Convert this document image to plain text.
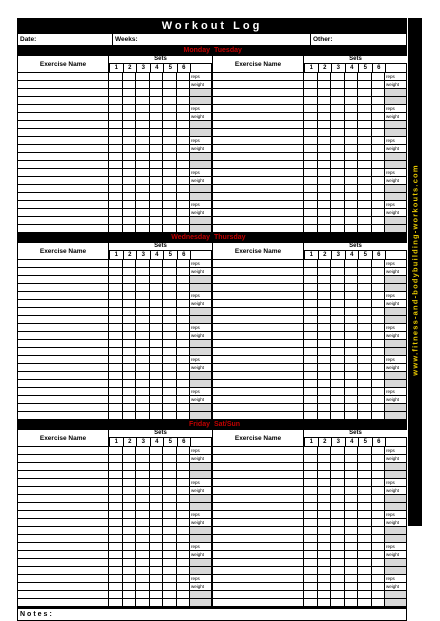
Workout Log
Date:	Weeks:	Other:
Monday Tuesday
Exercise Name
Sets
1	2	3	4	5	6
reps
weight
reps
weight
reps
weight
reps
weight
reps
weight
Exercise Name
Sets
1	2	3	4	5	6
reps
weight
reps
weight
reps
weight
reps
weight
reps
weight
Wednesday Thursday
Exercise Name
Sets
1	2	3	4	5	6
reps
weight
reps
weight
reps
weight
reps
weight
reps
weight
Exercise Name
Sets
1	2	3	4	5	6
reps
weight
reps
weight
reps
weight
reps
weight
reps
weight
Friday Sat/Sun
Exercise Name
Sets
1	2	3	4	5	6
reps
weight
reps
weight
reps
weight
reps
weight
reps
weight
Exercise Name
Sets
1	2	3	4	5	6
reps
weight
reps
weight
reps
weight
reps
weight
reps
weight
Notes:
www.fitness-and-bodybuilding-workouts.com
